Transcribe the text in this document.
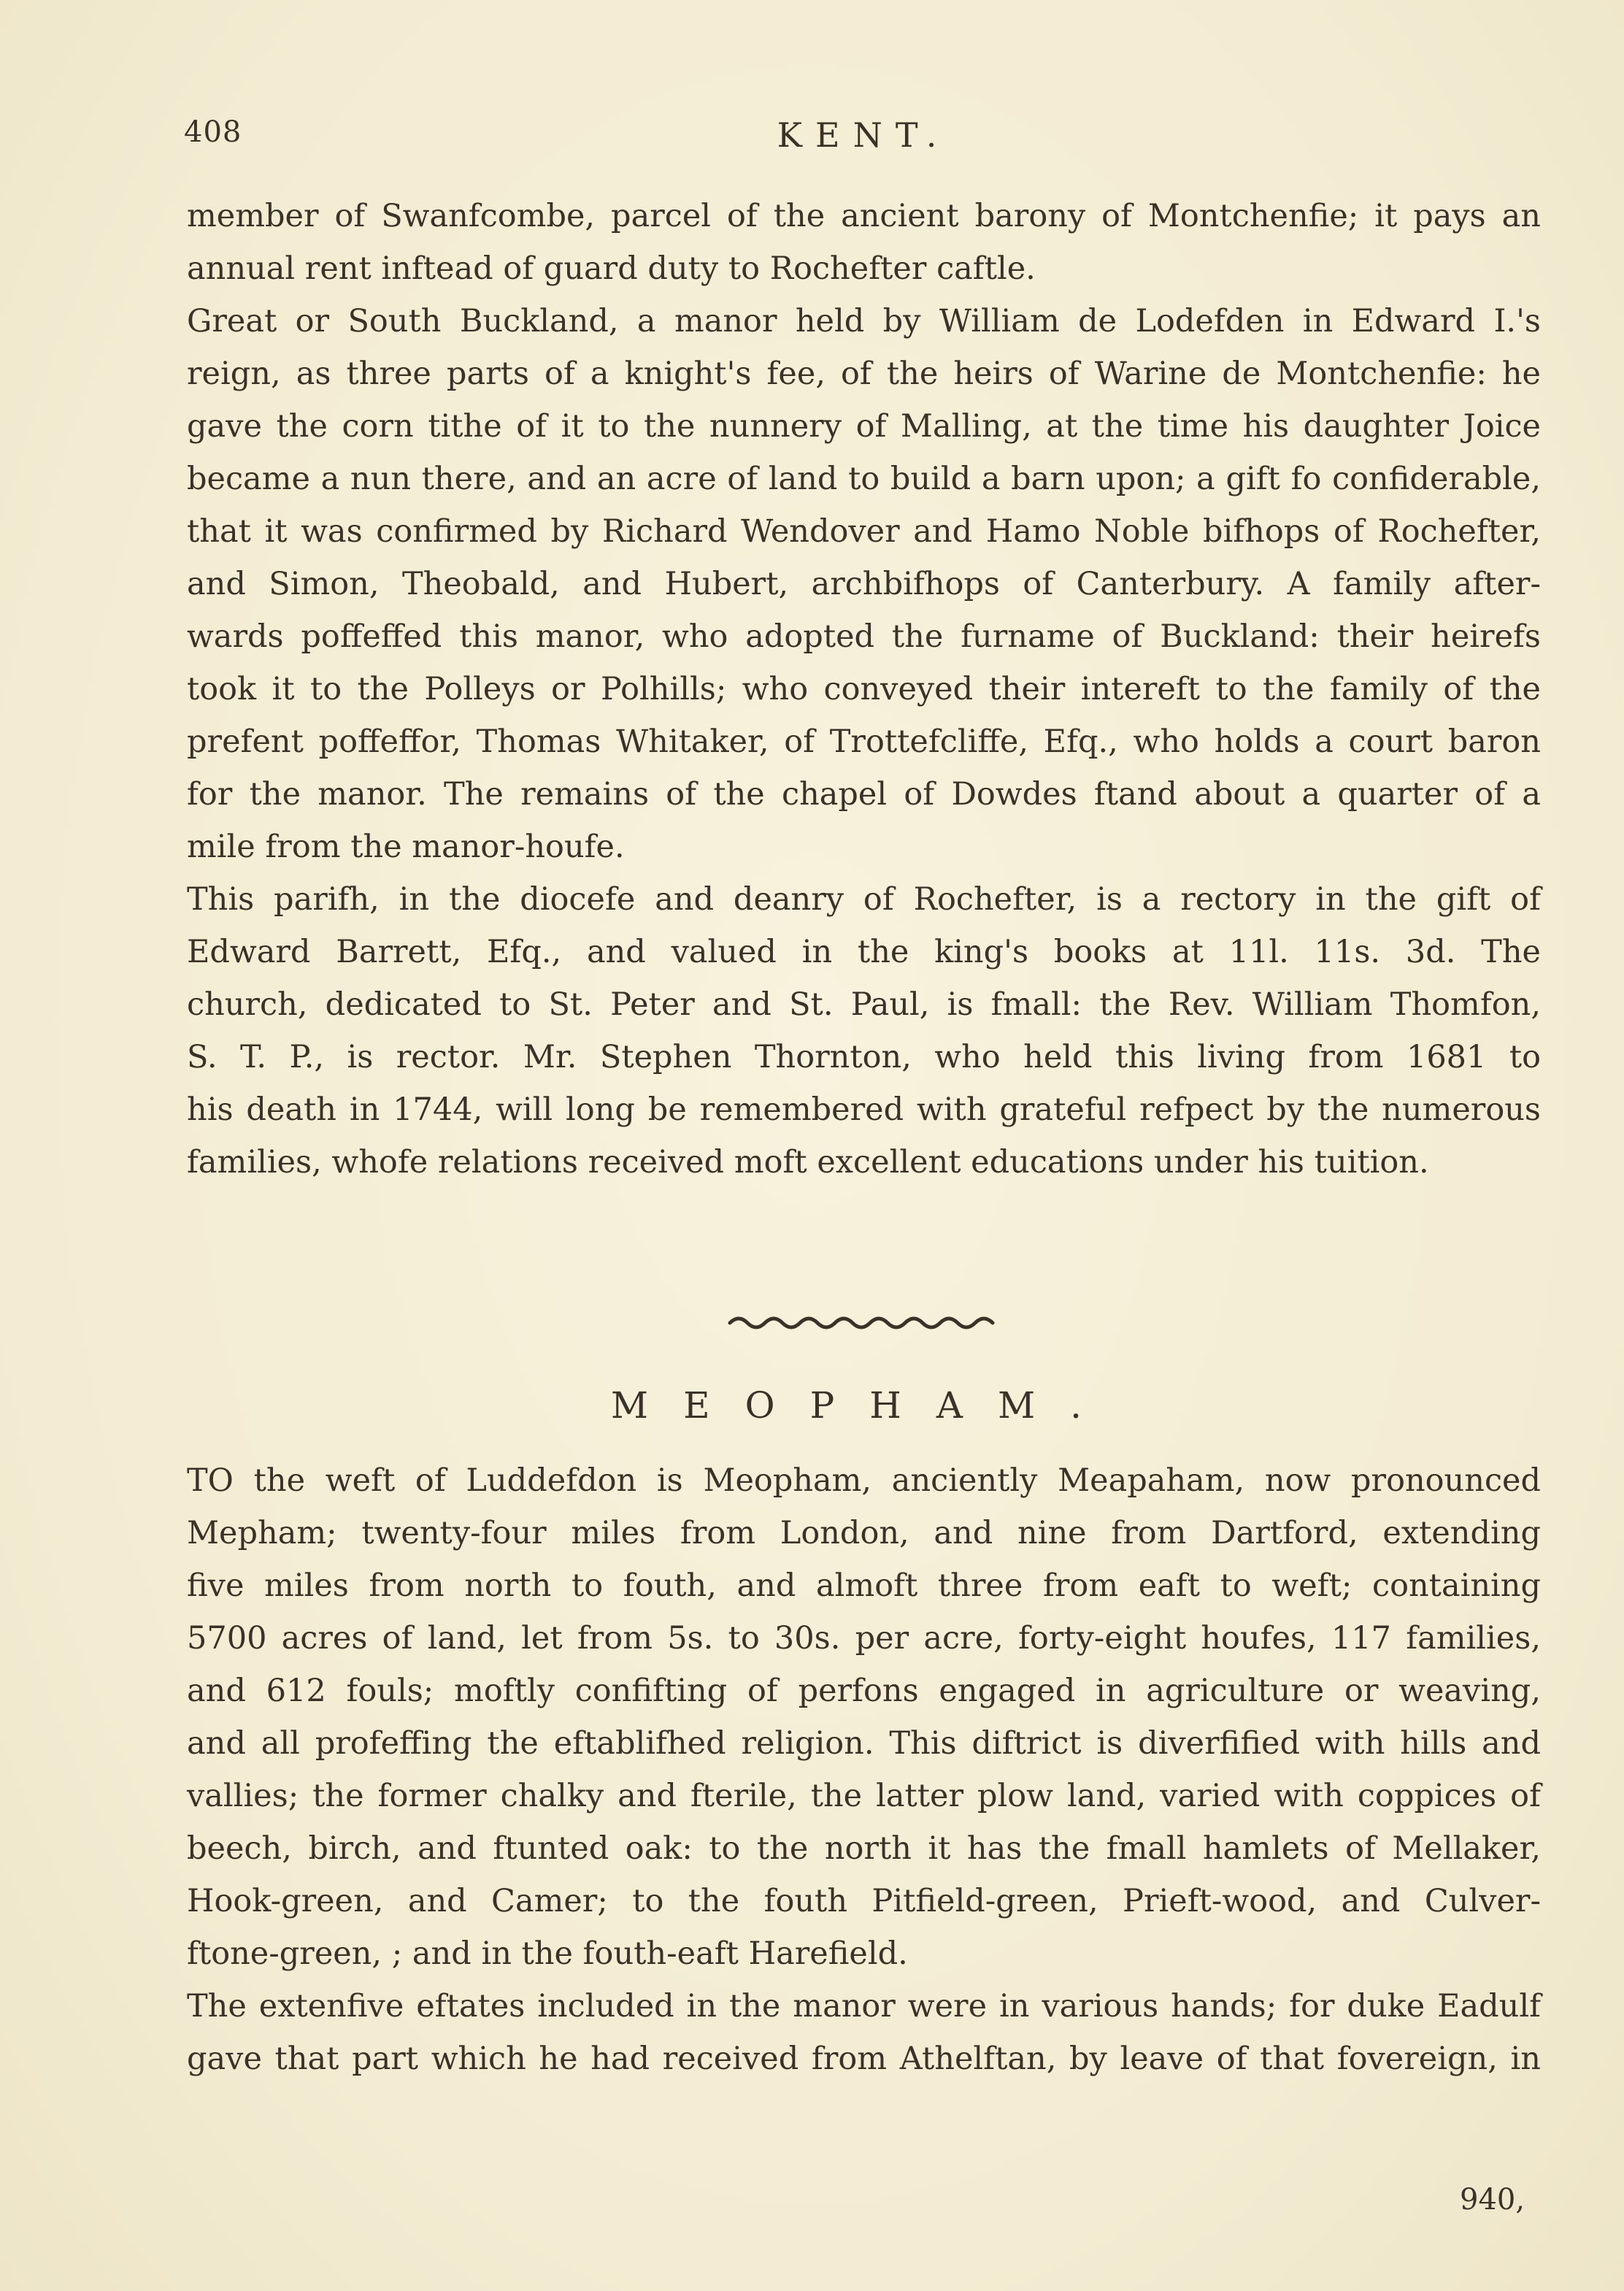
408	KENT.
member of Swanfcombe, parcel of the ancient barony of Montchenfie; it pays an
annual rent inftead of guard duty to Rochefter caftle.
Great or South Buckland, a manor held by William de Lodefden in Edward I.'s
reign, as three parts of a knight's fee, of the heirs of Warine de Montchenfie: he
gave the corn tithe of it to the nunnery of Malling, at the time his daughter Joice
became a nun there, and an acre of land to build a barn upon; a gift fo confiderable,
that it was confirmed by Richard Wendover and Hamo Noble bifhops of Rochefter,
and Simon, Theobald, and Hubert, archbifhops of Canterbury. A family after-
wards poffeffed this manor, who adopted the furname of Buckland: their heirefs
took it to the Polleys or Polhills; who conveyed their intereft to the family of the
prefent poffeffor, Thomas Whitaker, of Trottefcliffe, Efq., who holds a court baron
for the manor. The remains of the chapel of Dowdes ftand about a quarter of a
mile from the manor-houfe.
This parifh, in the diocefe and deanry of Rochefter, is a rectory in the gift of
Edward Barrett, Efq., and valued in the king's books at 11l. 11s. 3d. The
church, dedicated to St. Peter and St. Paul, is fmall: the Rev. William Thomfon,
S. T. P., is rector. Mr. Stephen Thornton, who held this living from 1681 to
his death in 1744, will long be remembered with grateful refpect by the numerous
families, whofe relations received moft excellent educations under his tuition.
MEOPHAM.
TO the weft of Luddefdon is Meopham, anciently Meapaham, now pronounced
Mepham; twenty-four miles from London, and nine from Dartford, extending
five miles from north to fouth, and almoft three from eaft to weft; containing
5700 acres of land, let from 5s. to 30s. per acre, forty-eight houfes, 117 families,
and 612 fouls; moftly confifting of perfons engaged in agriculture or weaving,
and all profeffing the eftablifhed religion. This diftrict is diverfified with hills and
vallies; the former chalky and fterile, the latter plow land, varied with coppices of
beech, birch, and ftunted oak: to the north it has the fmall hamlets of Mellaker,
Hook-green, and Camer; to the fouth Pitfield-green, Prieft-wood, and Culver-
ftone-green, ; and in the fouth-eaft Harefield.
The extenfive eftates included in the manor were in various hands; for duke Eadulf
gave that part which he had received from Athelftan, by leave of that fovereign, in
940,
